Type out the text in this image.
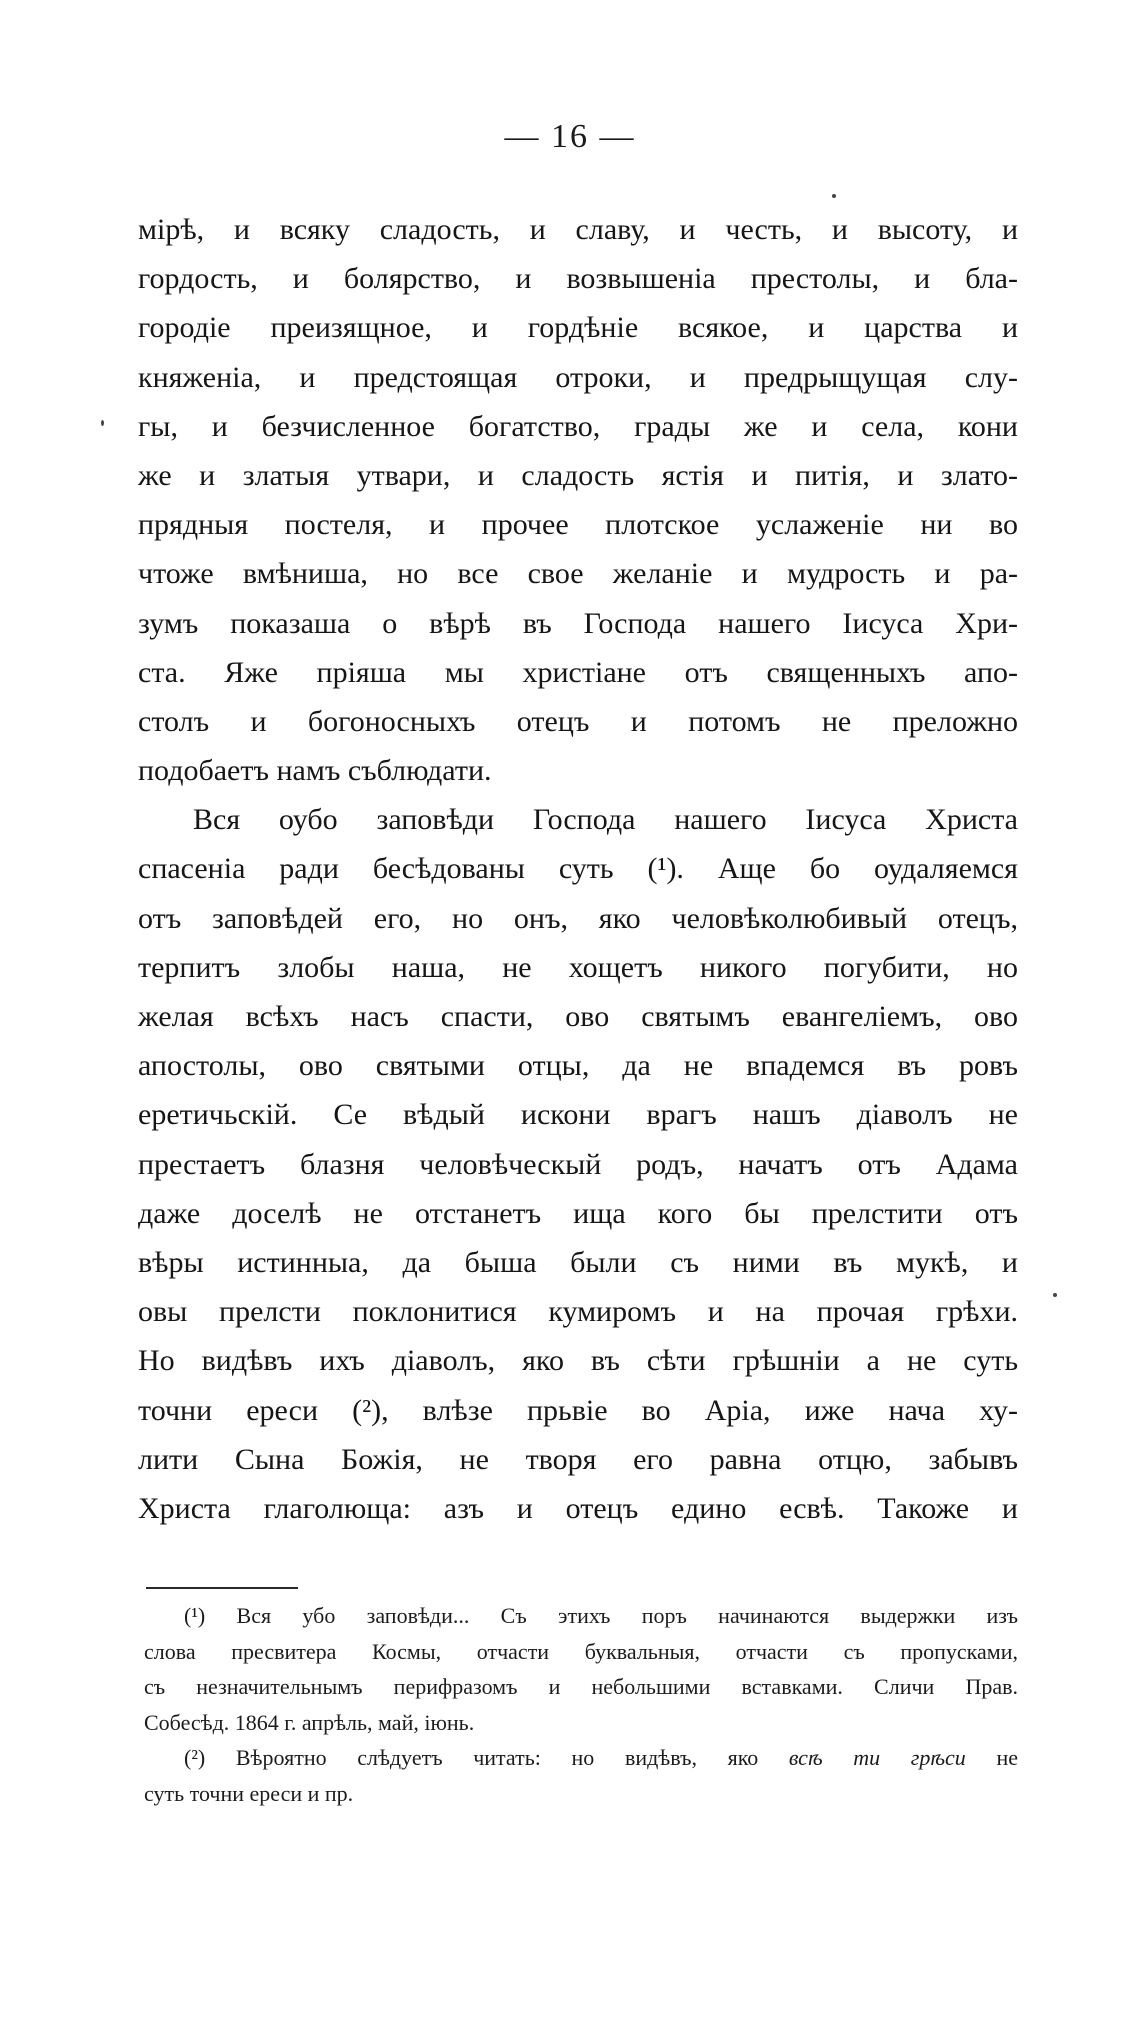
— 16 —
мірѣ, и всяку сладость, и славу, и честь, и высоту, и
гордость, и болярство, и возвышеніа престолы, и бла-
городіе преизящное, и гордѣніе всякое, и царства и
княженіа, и предстоящая отроки, и предрыщущая слу-
гы, и безчисленное богатство, грады же и села, кони
же и златыя утвари, и сладость ястія и питія, и злато-
прядныя постеля, и прочее плотское услаженіе ни во
чтоже вмѣниша, но все свое желаніе и мудрость и ра-
зумъ показаша о вѣрѣ въ Господа нашего Іисуса Хри-
ста. Яже пріяша мы христіане отъ священныхъ апо-
столъ и богоносныхъ отецъ и потомъ не преложно
подобаетъ намъ съблюдати.
Вся оубо заповѣди Господа нашего Іисуса Христа
спасеніа ради бесѣдованы суть (¹). Аще бо оудаляемся
отъ заповѣдей его, но онъ, яко человѣколюбивый отецъ,
терпитъ злобы наша, не хощетъ никого погубити, но
желая всѣхъ насъ спасти, ово святымъ евангеліемъ, ово
апостолы, ово святыми отцы, да не впадемся въ ровъ
еретичьскій. Се вѣдый искони врагъ нашъ діаволъ не
престаетъ блазня человѣческый родъ, начатъ отъ Адама
даже доселѣ не отстанетъ ища кого бы прелстити отъ
вѣры истинныа, да быша были съ ними въ мукѣ, и
овы прелсти поклонитися кумиромъ и на прочая грѣхи.
Но видѣвъ ихъ діаволъ, яко въ сѣти грѣшніи а не суть
точни ереси (²), влѣзе прьвіе во Аріа, иже нача ху-
лити Сына Божія, не творя его равна отцю, забывъ
Христа глаголюща: азъ и отецъ едино есвѣ. Такоже и
(¹) Вся убо заповѣди... Съ этихъ поръ начинаются выдержки изъ
слова пресвитера Космы, отчасти буквальныя, отчасти съ пропусками,
съ незначительнымъ перифразомъ и небольшими вставками. Сличи Прав.
Собесѣд. 1864 г. апрѣль, май, іюнь.
(²) Вѣроятно слѣдуетъ читать: но видѣвъ, яко всѣ ти грѣси не
суть точни ереси и пр.
